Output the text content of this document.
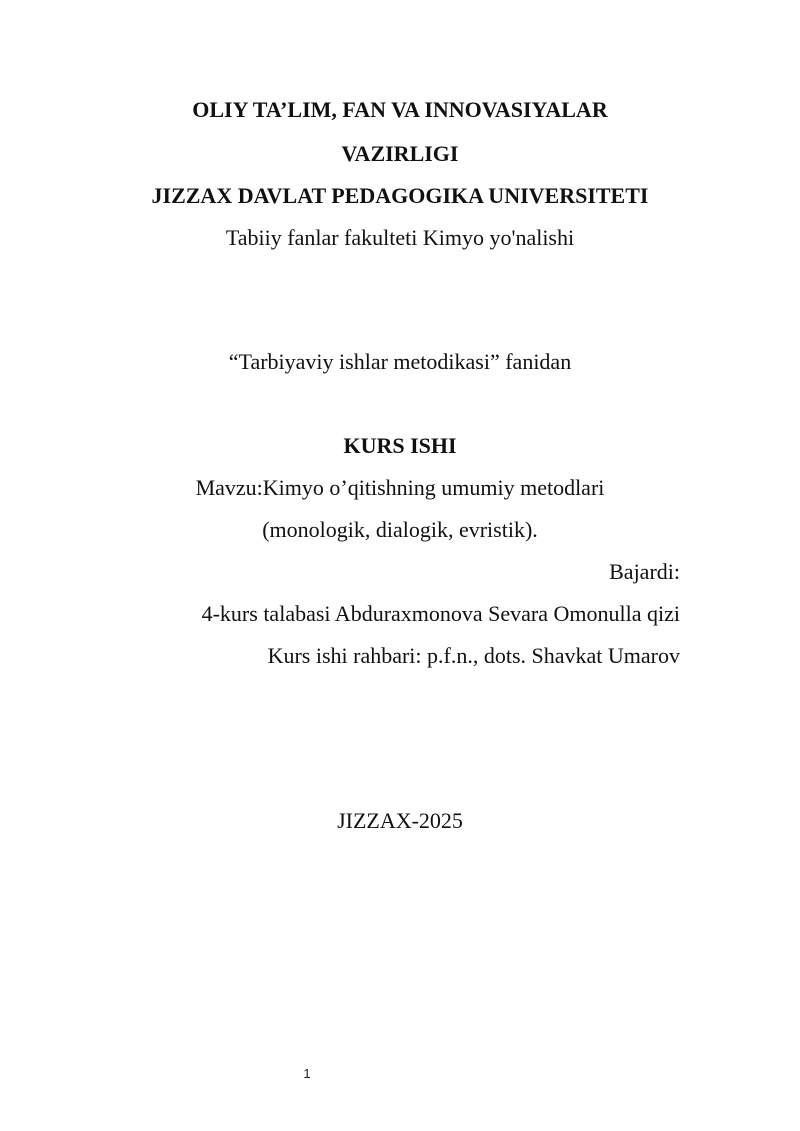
OLIY TA’LIM, FAN VA INNOVASIYALAR
VAZIRLIGI
JIZZAX DAVLAT PEDAGOGIKA UNIVERSITETI
Tabiiy fanlar fakulteti Kimyo yo'nalishi
“Tarbiyaviy ishlar metodikasi” fanidan
KURS ISHI
Mavzu:Kimyo o’qitishning umumiy metodlari
(monologik, dialogik, evristik).
Bajardi:
4-kurs talabasi Abduraxmonova Sevara Omonulla qizi
Kurs ishi rahbari: p.f.n., dots. Shavkat Umarov
JIZZAX-2025
1
